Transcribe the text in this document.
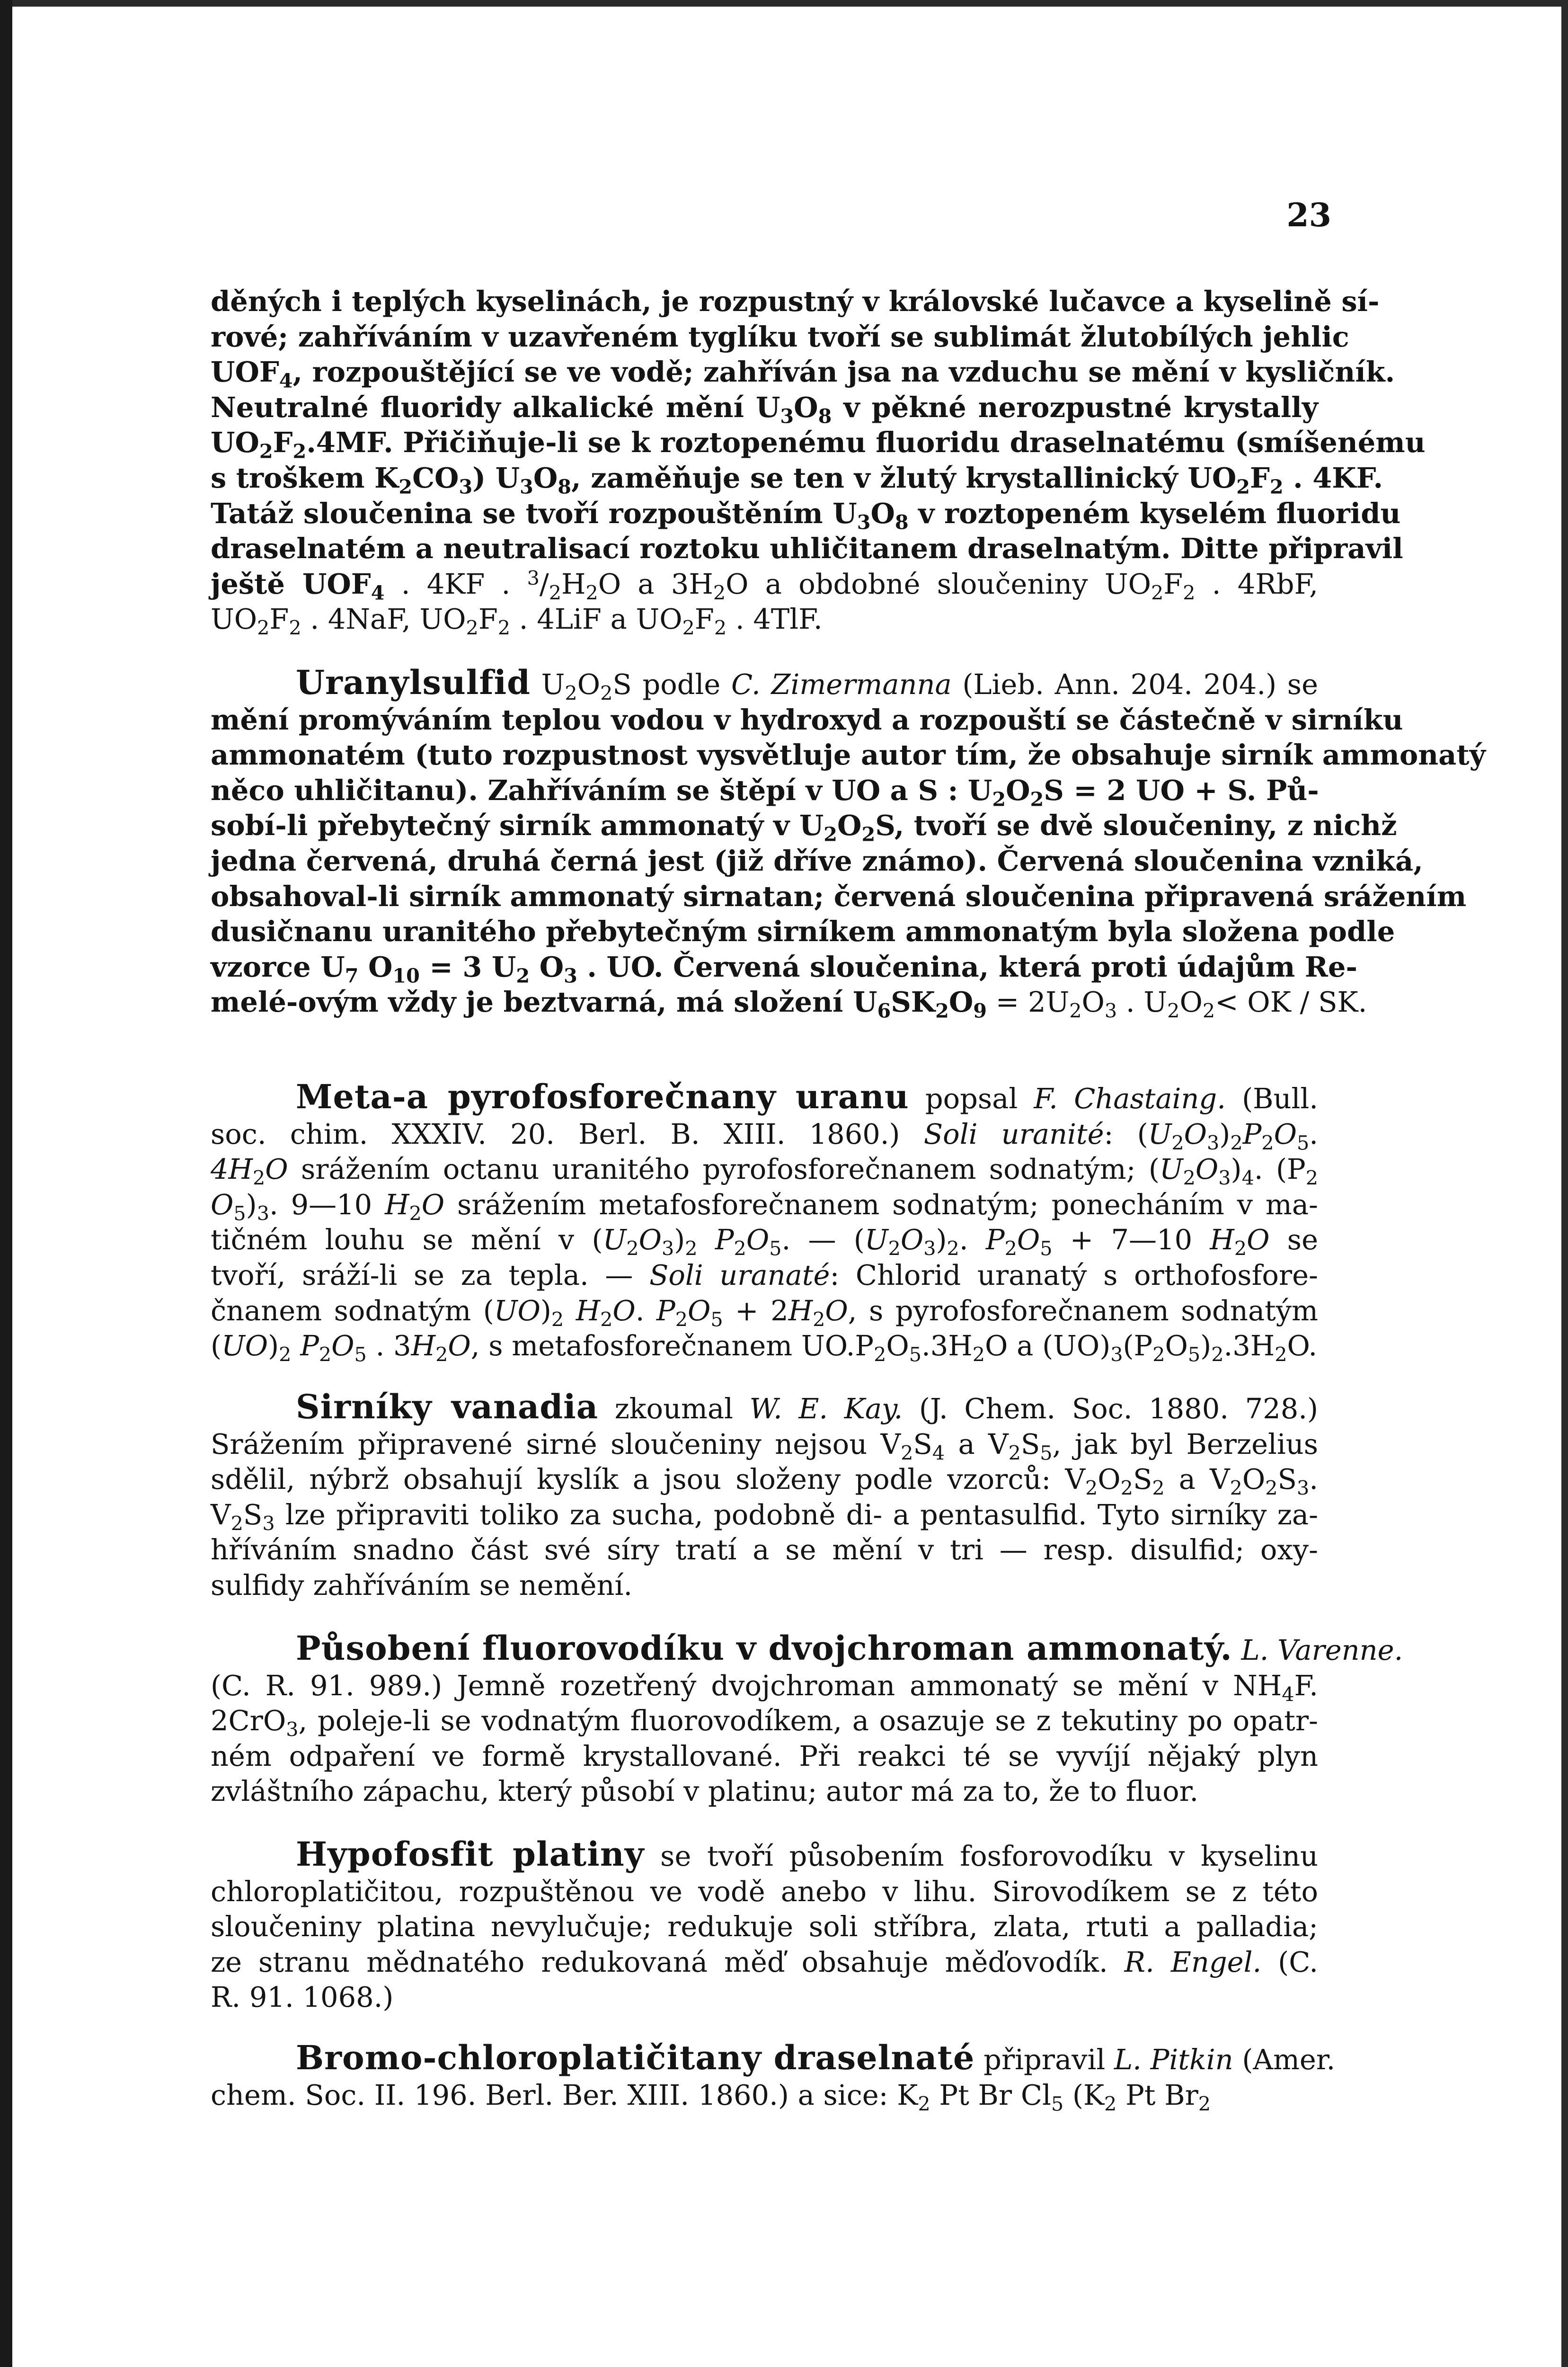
23
děných i teplých kyselinách, je rozpustný v královské lučavce a kyselině sí-
rové; zahříváním v uzavřeném tyglíku tvoří se sublimát žlutobílých jehlic
$UOF_4$, rozpouštějící se ve vodě; zahříván jsa na vzduchu se mění v kysličník.
Neutralné fluoridy alkalické mění $U_3O_8$ v pěkné nerozpustné krystally
$UO_2F_2.4MF$. Přičiňuje-li se k roztopenému fluoridu draselnatému (smíšenému
s troškem $K_2CO_3$) $U_3O_8$, zaměňuje se ten v žlutý krystallinický $UO_2F_2$ . 4KF.
Tatáž sloučenina se tvoří rozpouštěním $U_3O_8$ v roztopeném kyselém fluoridu
draselnatém a neutralisací roztoku uhličitanem draselnatým. Ditte připravil
ještě $UOF_4$ . 4KF . $^3/_2H_2O$ a $3H_2O$ a obdobné sloučeniny $UO_2F_2$ . 4RbF,
$UO_2F_2$ . 4NaF, $UO_2F_2$ . 4LiF a $UO_2F_2$ . 4TlF.
Uranylsulfid $U_2O_2S$ podle C. Zimermanna (Lieb. Ann. 204. 204.) se
mění promýváním teplou vodou v hydroxyd a rozpouští se částečně v sirníku
ammonatém (tuto rozpustnost vysvětluje autor tím, že obsahuje sirník ammonatý
něco uhličitanu). Zahříváním se štěpí v UO a S : $U_2O_2S = 2$ UO + S. Pů-
sobí-li přebytečný sirník ammonatý v $U_2O_2S$, tvoří se dvě sloučeniny, z nichž
jedna červená, druhá černá jest (již dříve známo). Červená sloučenina vzniká,
obsahoval-li sirník ammonatý sirnatan; červená sloučenina připravená srážením
dusičnanu uranitého přebytečným sirníkem ammonatým byla složena podle
vzorce $U_7$ $O_{10} = 3$ $U_2$ $O_3$ . UO. Červená sloučenina, která proti údajům Re-
melé-ovým vždy je beztvarná, má složení $U_6SK_2O_9 = 2U_2O_3$ . $U_2O_2<$ OK / SK.
Meta-a pyrofosforečnany uranu popsal F. Chastaing. (Bull.
soc. chim. XXXIV. 20. Berl. B. XIII. 1860.) Soli uranité: $(U_2O_3)_2P_2O_5$.
$4H_2O$ srážením octanu uranitého pyrofosforečnanem sodnatým; $(U_2O_3)_4$. ($P_2$
$O_5)_3$. 9—10 $H_2O$ srážením metafosforečnanem sodnatým; ponecháním v ma-
tičném louhu se mění v $(U_2O_3)_2$ $P_2O_5$. — $(U_2O_3)_2$. $P_2O_5$ + 7—10 $H_2O$ se
tvoří, sráží-li se za tepla. — Soli uranaté: Chlorid uranatý s orthofosfore-
čnanem sodnatým $(UO)_2$ $H_2O$. $P_2O_5 + 2H_2O$, s pyrofosforečnanem sodnatým
$(UO)_2$ $P_2O_5$ . $3H_2O$, s metafosforečnanem $UO.P_2O_5.3H_2O$ a $(UO)_3(P_2O_5)_2.3H_2O$.
Sirníky vanadia zkoumal W. E. Kay. (J. Chem. Soc. 1880. 728.)
Srážením připravené sirné sloučeniny nejsou $V_2S_4$ a $V_2S_5$, jak byl Berzelius
sdělil, nýbrž obsahují kyslík a jsou složeny podle vzorců: $V_2O_2S_2$ a $V_2O_2S_3$.
$V_2S_3$ lze připraviti toliko za sucha, podobně di- a pentasulfid. Tyto sirníky za-
hříváním snadno část své síry tratí a se mění v tri — resp. disulfid; oxy-
sulfidy zahříváním se nemění.
Působení fluorovodíku v dvojchroman ammonatý. L. Varenne.
(C. R. 91. 989.) Jemně rozetřený dvojchroman ammonatý se mění v $NH_4F$.
2CrO$_3$, poleje-li se vodnatým fluorovodíkem, a osazuje se z tekutiny po opatr-
ném odpaření ve formě krystallované. Při reakci té se vyvíjí nějaký plyn
zvláštního zápachu, který působí v platinu; autor má za to, že to fluor.
Hypofosfit platiny se tvoří působením fosforovodíku v kyselinu
chloroplatičitou, rozpuštěnou ve vodě anebo v lihu. Sirovodíkem se z této
sloučeniny platina nevylučuje; redukuje soli stříbra, zlata, rtuti a palladia;
ze stranu mědnatého redukovaná měď obsahuje měďovodík. R. Engel. (C.
R. 91. 1068.)
Bromo-chloroplatičitany draselnaté připravil L. Pitkin (Amer.
chem. Soc. II. 196. Berl. Ber. XIII. 1860.) a sice: $K_2$ Pt Br $Cl_5$ ($K_2$ Pt $Br_2$
